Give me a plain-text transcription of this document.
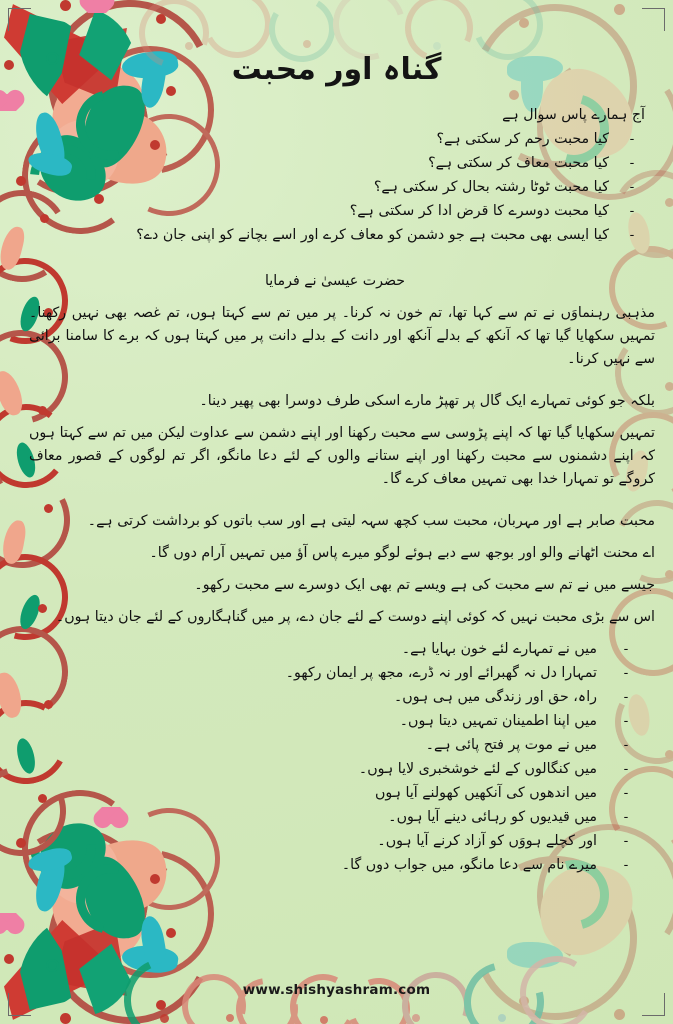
گناہ اور محبت

آج ہمارے پاس سوال ہے

-
کیا محبت رحم کر سکتی ہے؟
-
کیا محبت معاف کر سکتی ہے؟
-
کیا محبت ٹوٹا رشتہ بحال کر سکتی ہے؟
-
کیا محبت دوسرے کا قرض ادا کر سکتی ہے؟
-
کیا ایسی بھی محبت ہے جو دشمن کو معاف کرے اور اسے بچانے کو اپنی جان دے؟

حضرت عیسیٰ نے فرمایا

مذہبی رہنماوَں نے تم سے کہا تھا، تم خون نہ کرنا۔ پر میں تم سے کہتا ہوں، تم غصہ بھی نہیں رکھنا۔ تمہیں سکھایا گیا تھا کہ آنکھ کے بدلے آنکھ اور دانت کے بدلے دانت پر میں کہتا ہوں کہ برے کا سامنا برائی سے نہیں کرنا۔

بلکہ جو کوئی تمہارے ایک گال پر تھپڑ مارے اسکی طرف دوسرا بھی پھیر دینا۔

تمہیں سکھایا گیا تھا کہ اپنے پڑوسی سے محبت رکھنا اور اپنے دشمن سے عداوت لیکن میں تم سے کہتا ہوں کہ اپنے دشمنوں سے محبت رکھنا اور اپنے ستانے والوں کے لئے دعا مانگو، اگر تم لوگوں کے قصور معاف کروگے تو تمہارا خدا بھی تمہیں معاف کرے گا۔

محبت صابر ہے اور مہربان، محبت سب کچھ سہہ لیتی ہے اور سب باتوں کو برداشت کرتی ہے۔

اے محنت اٹھانے والو اور بوجھ سے دبے ہوئے لوگو میرے پاس آؤ میں تمہیں آرام دوں گا۔

جیسے میں نے تم سے محبت کی ہے ویسے تم بھی ایک دوسرے سے محبت رکھو۔

اس سے بڑی محبت نہیں کہ کوئی اپنے دوست کے لئے جان دے، پر میں گناہگاروں کے لئے جان دیتا ہوں۔

-
میں نے تمہارے لئے خون بہایا ہے۔
-
تمہارا دل نہ گھبرائے اور نہ ڈرے، مجھ پر ایمان رکھو۔
-
راہ، حق اور زندگی میں ہی ہوں۔
-
میں اپنا اطمینان تمہیں دیتا ہوں۔
-
میں نے موت پر فتح پائی ہے۔
-
میں کنگالوں کے لئے خوشخبری لایا ہوں۔
-
میں اندھوں کی آنکھیں کھولنے آیا ہوں
-
میں قیدیوں کو رہائی دینے آیا ہوں۔
-
اور کچلے ہووَں کو آزاد کرنے آیا ہوں۔
-
میرے نام سے دعا مانگو، میں جواب دوں گا۔
www.shishyashram.com
